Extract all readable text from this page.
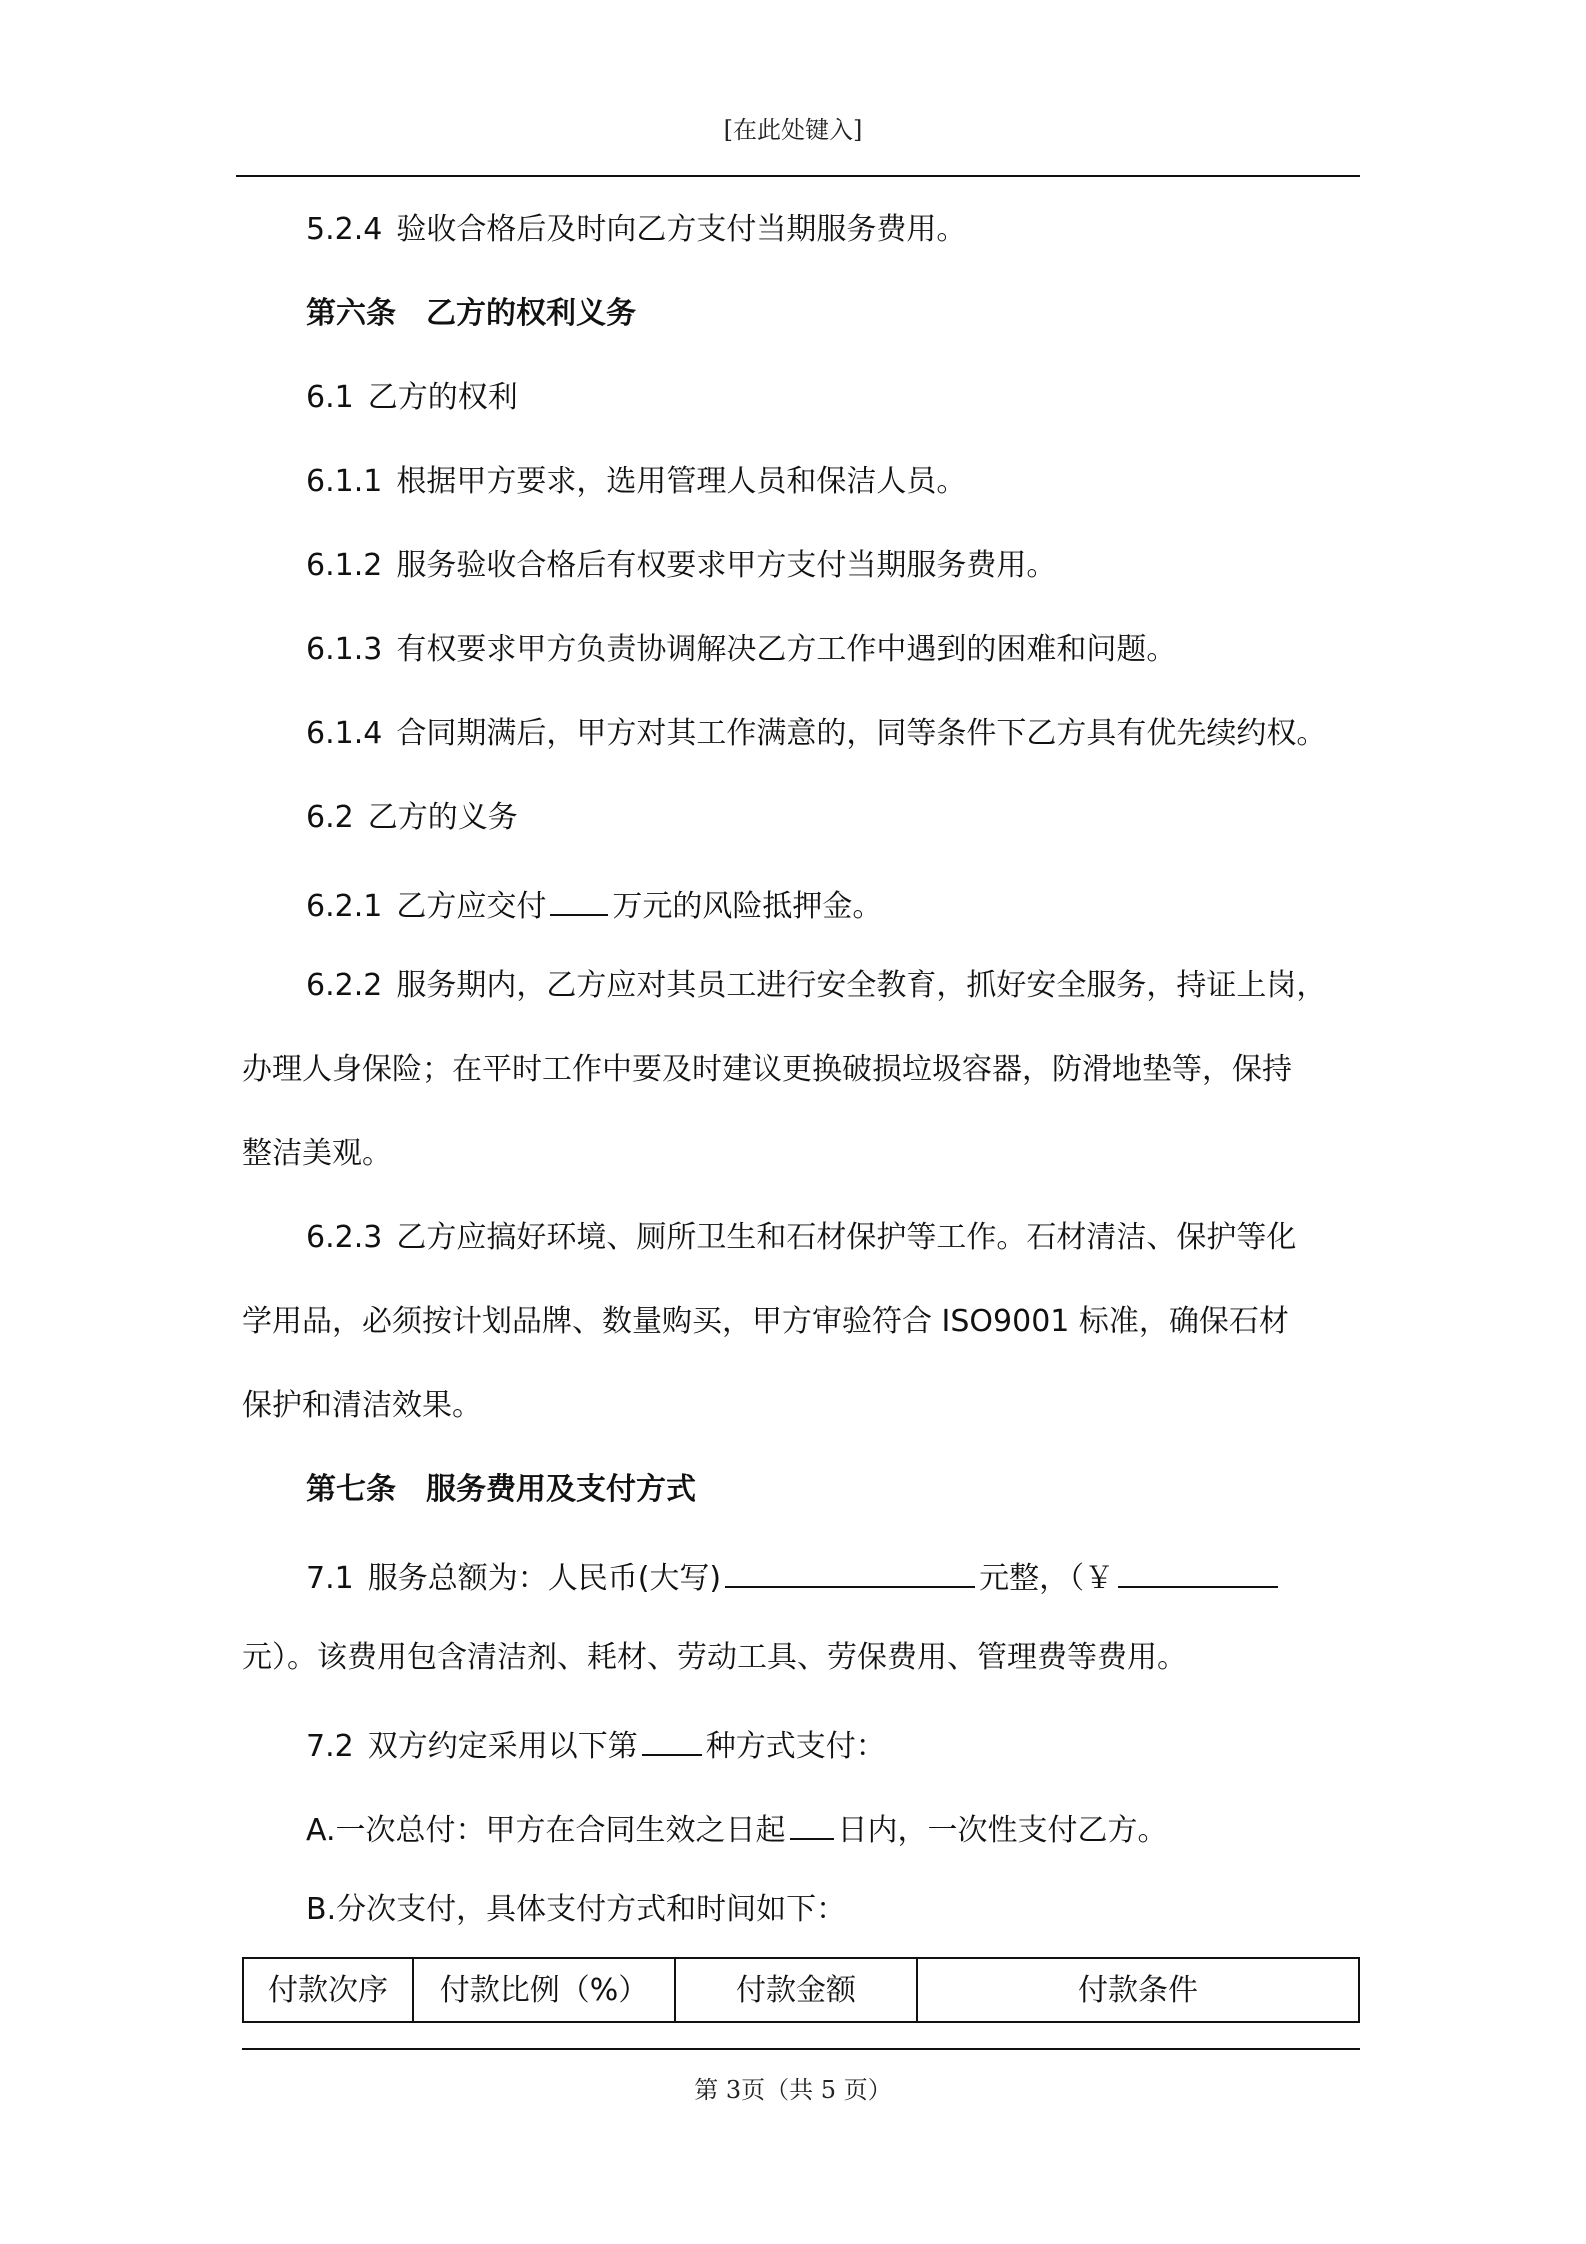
[在此处键入]
5.2.4 验收合格后及时向乙方支付当期服务费用。
第六条 乙方的权利义务
6.1 乙方的权利
6.1.1 根据甲方要求，选用管理人员和保洁人员。
6.1.2 服务验收合格后有权要求甲方支付当期服务费用。
6.1.3 有权要求甲方负责协调解决乙方工作中遇到的困难和问题。
6.1.4 合同期满后，甲方对其工作满意的，同等条件下乙方具有优先续约权。
6.2 乙方的义务
6.2.1 乙方应交付 万元的风险抵押金。
6.2.2 服务期内，乙方应对其员工进行安全教育，抓好安全服务，持证上岗，
办理人身保险；在平时工作中要及时建议更换破损垃圾容器，防滑地垫等，保持
整洁美观。
6.2.3 乙方应搞好环境、厕所卫生和石材保护等工作。石材清洁、保护等化
学用品，必须按计划品牌、数量购买，甲方审验符合 ISO9001 标准，确保石材
保护和清洁效果。
第七条 服务费用及支付方式
7.1 服务总额为：人民币(大写)	元整，（￥
元）。该费用包含清洁剂、耗材、劳动工具、劳保费用、管理费等费用。
7.2 双方约定采用以下第 种方式支付：
A.一次总付：甲方在合同生效之日起 日内，一次性支付乙方。
B.分次支付，具体支付方式和时间如下：
付款次序	付款比例（%）	付款金额	付款条件
第 3页（共 5 页）
